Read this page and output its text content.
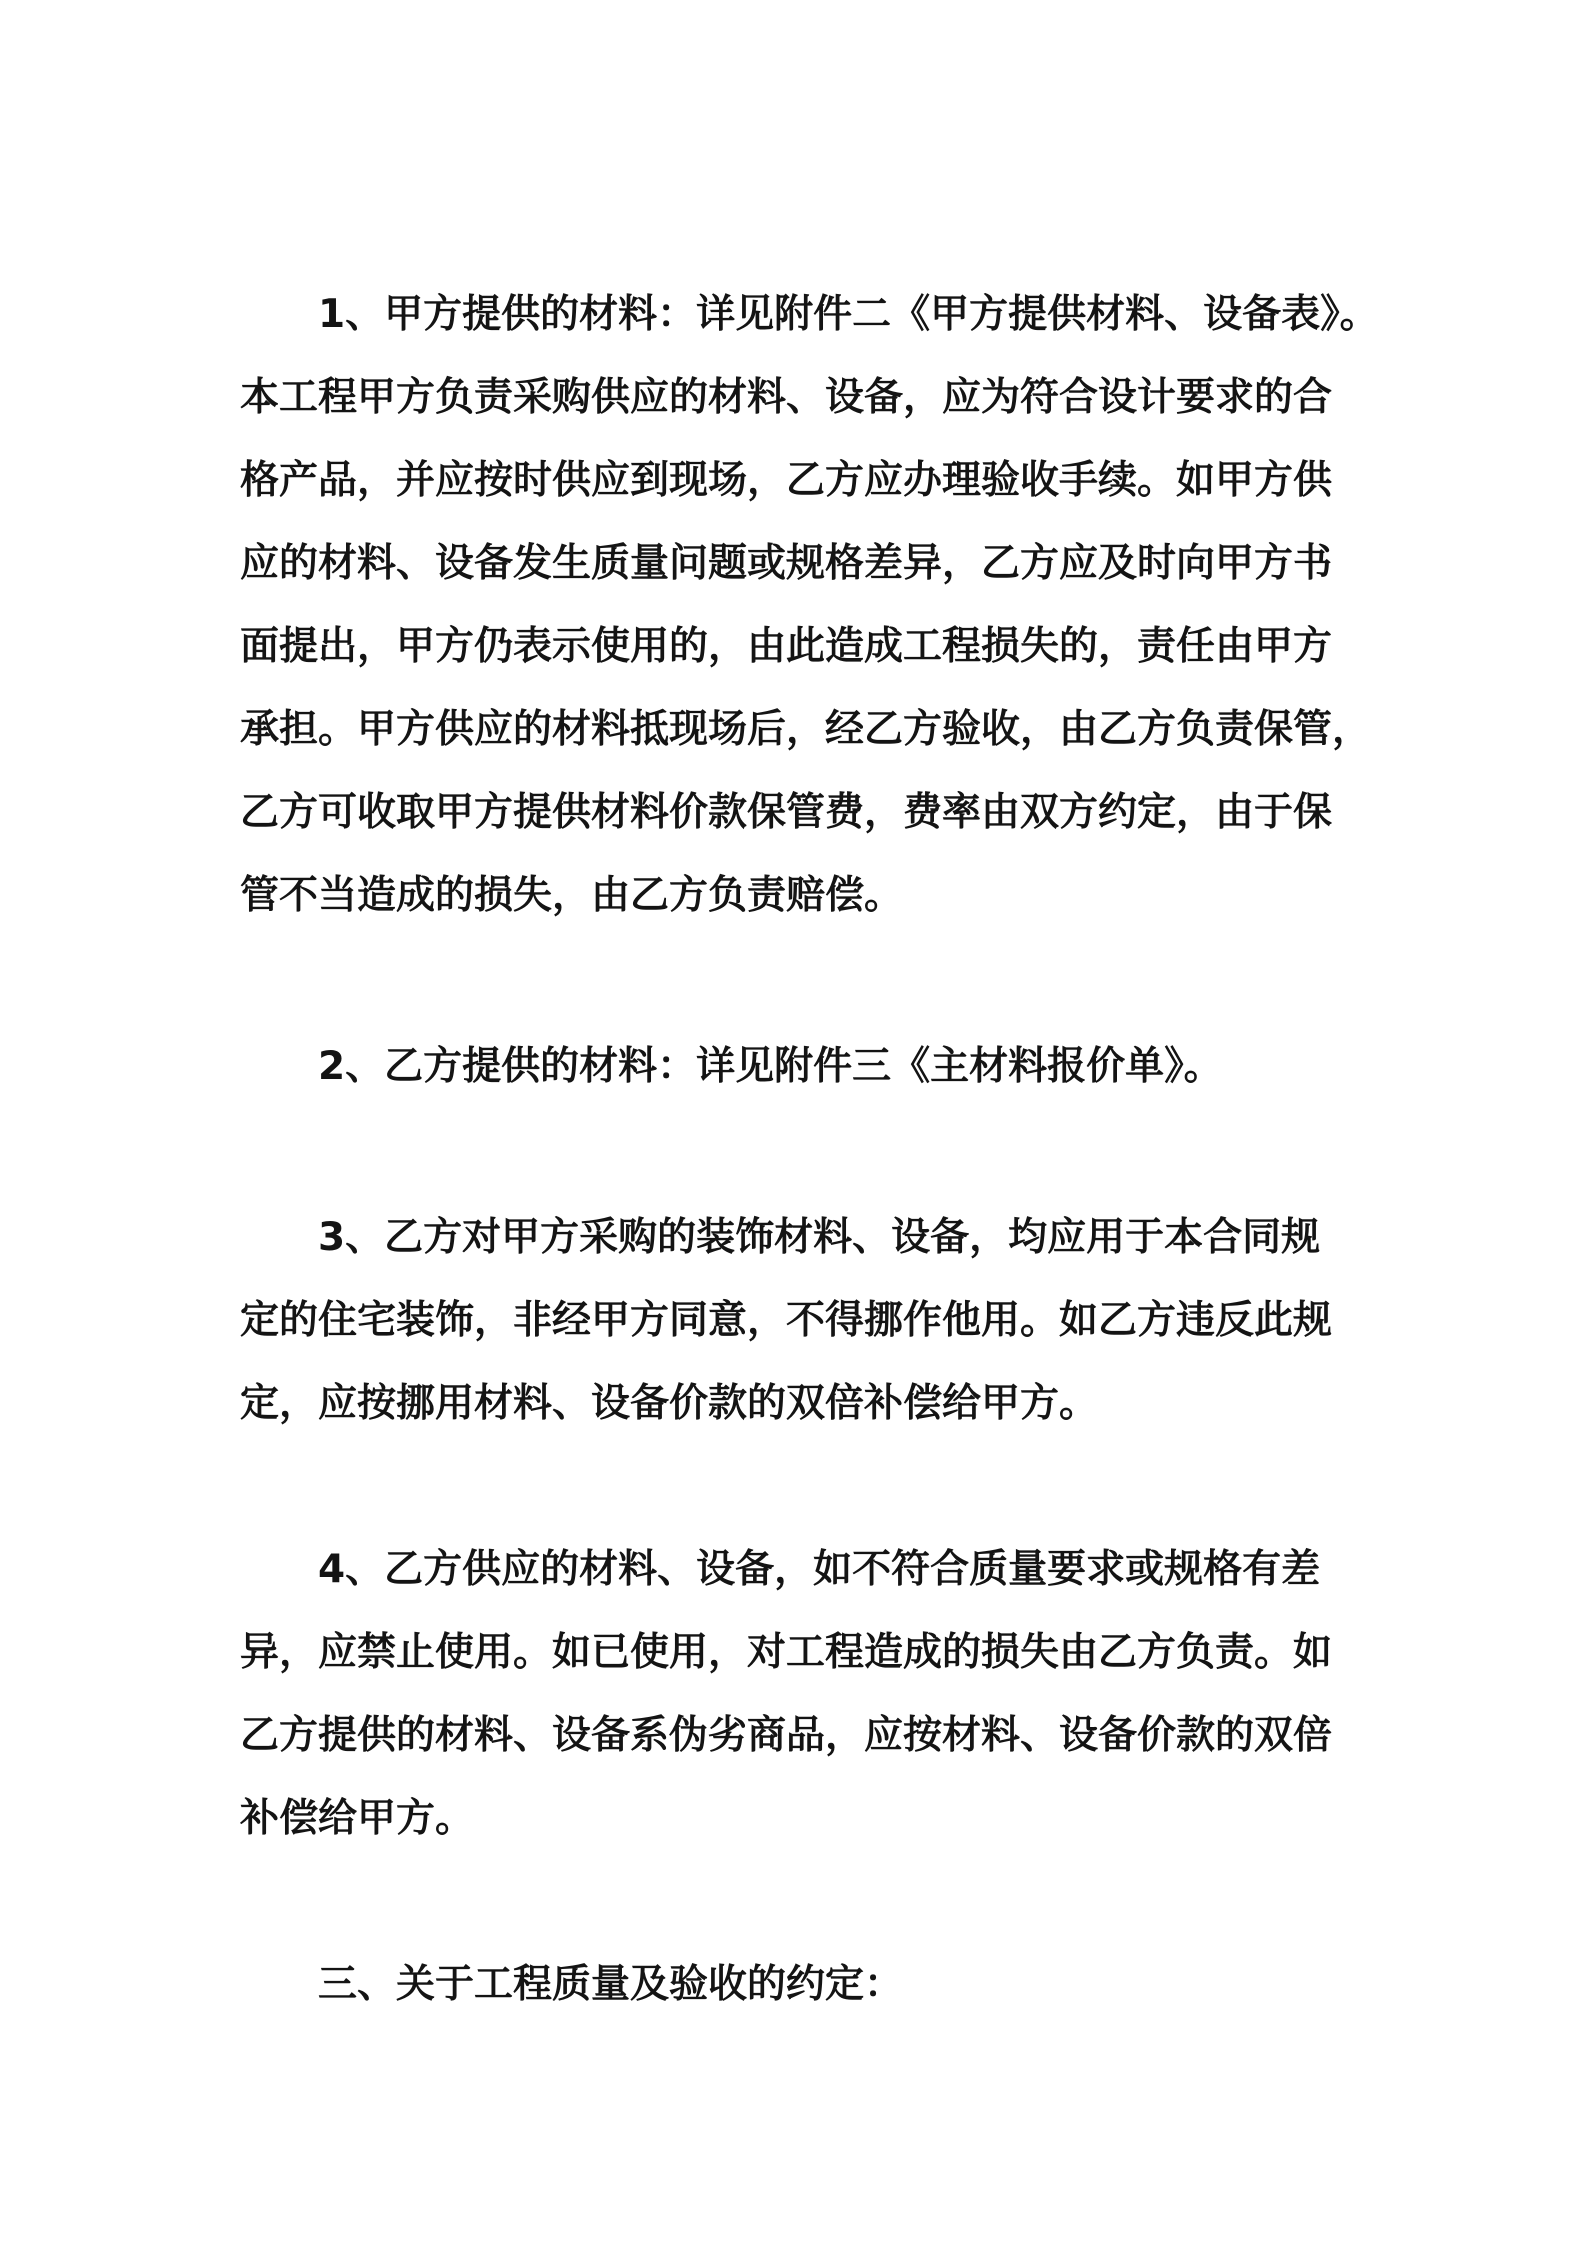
1、甲方提供的材料：详见附件二《甲方提供材料、设备表》。
本工程甲方负责采购供应的材料、设备，应为符合设计要求的合
格产品，并应按时供应到现场，乙方应办理验收手续。如甲方供
应的材料、设备发生质量问题或规格差异，乙方应及时向甲方书
面提出，甲方仍表示使用的，由此造成工程损失的，责任由甲方
承担。甲方供应的材料抵现场后，经乙方验收，由乙方负责保管，
乙方可收取甲方提供材料价款保管费，费率由双方约定，由于保
管不当造成的损失，由乙方负责赔偿。
2、乙方提供的材料：详见附件三《主材料报价单》。
3、乙方对甲方采购的装饰材料、设备，均应用于本合同规
定的住宅装饰，非经甲方同意，不得挪作他用。如乙方违反此规
定，应按挪用材料、设备价款的双倍补偿给甲方。
4、乙方供应的材料、设备，如不符合质量要求或规格有差
异，应禁止使用。如已使用，对工程造成的损失由乙方负责。如
乙方提供的材料、设备系伪劣商品，应按材料、设备价款的双倍
补偿给甲方。
三、关于工程质量及验收的约定：
